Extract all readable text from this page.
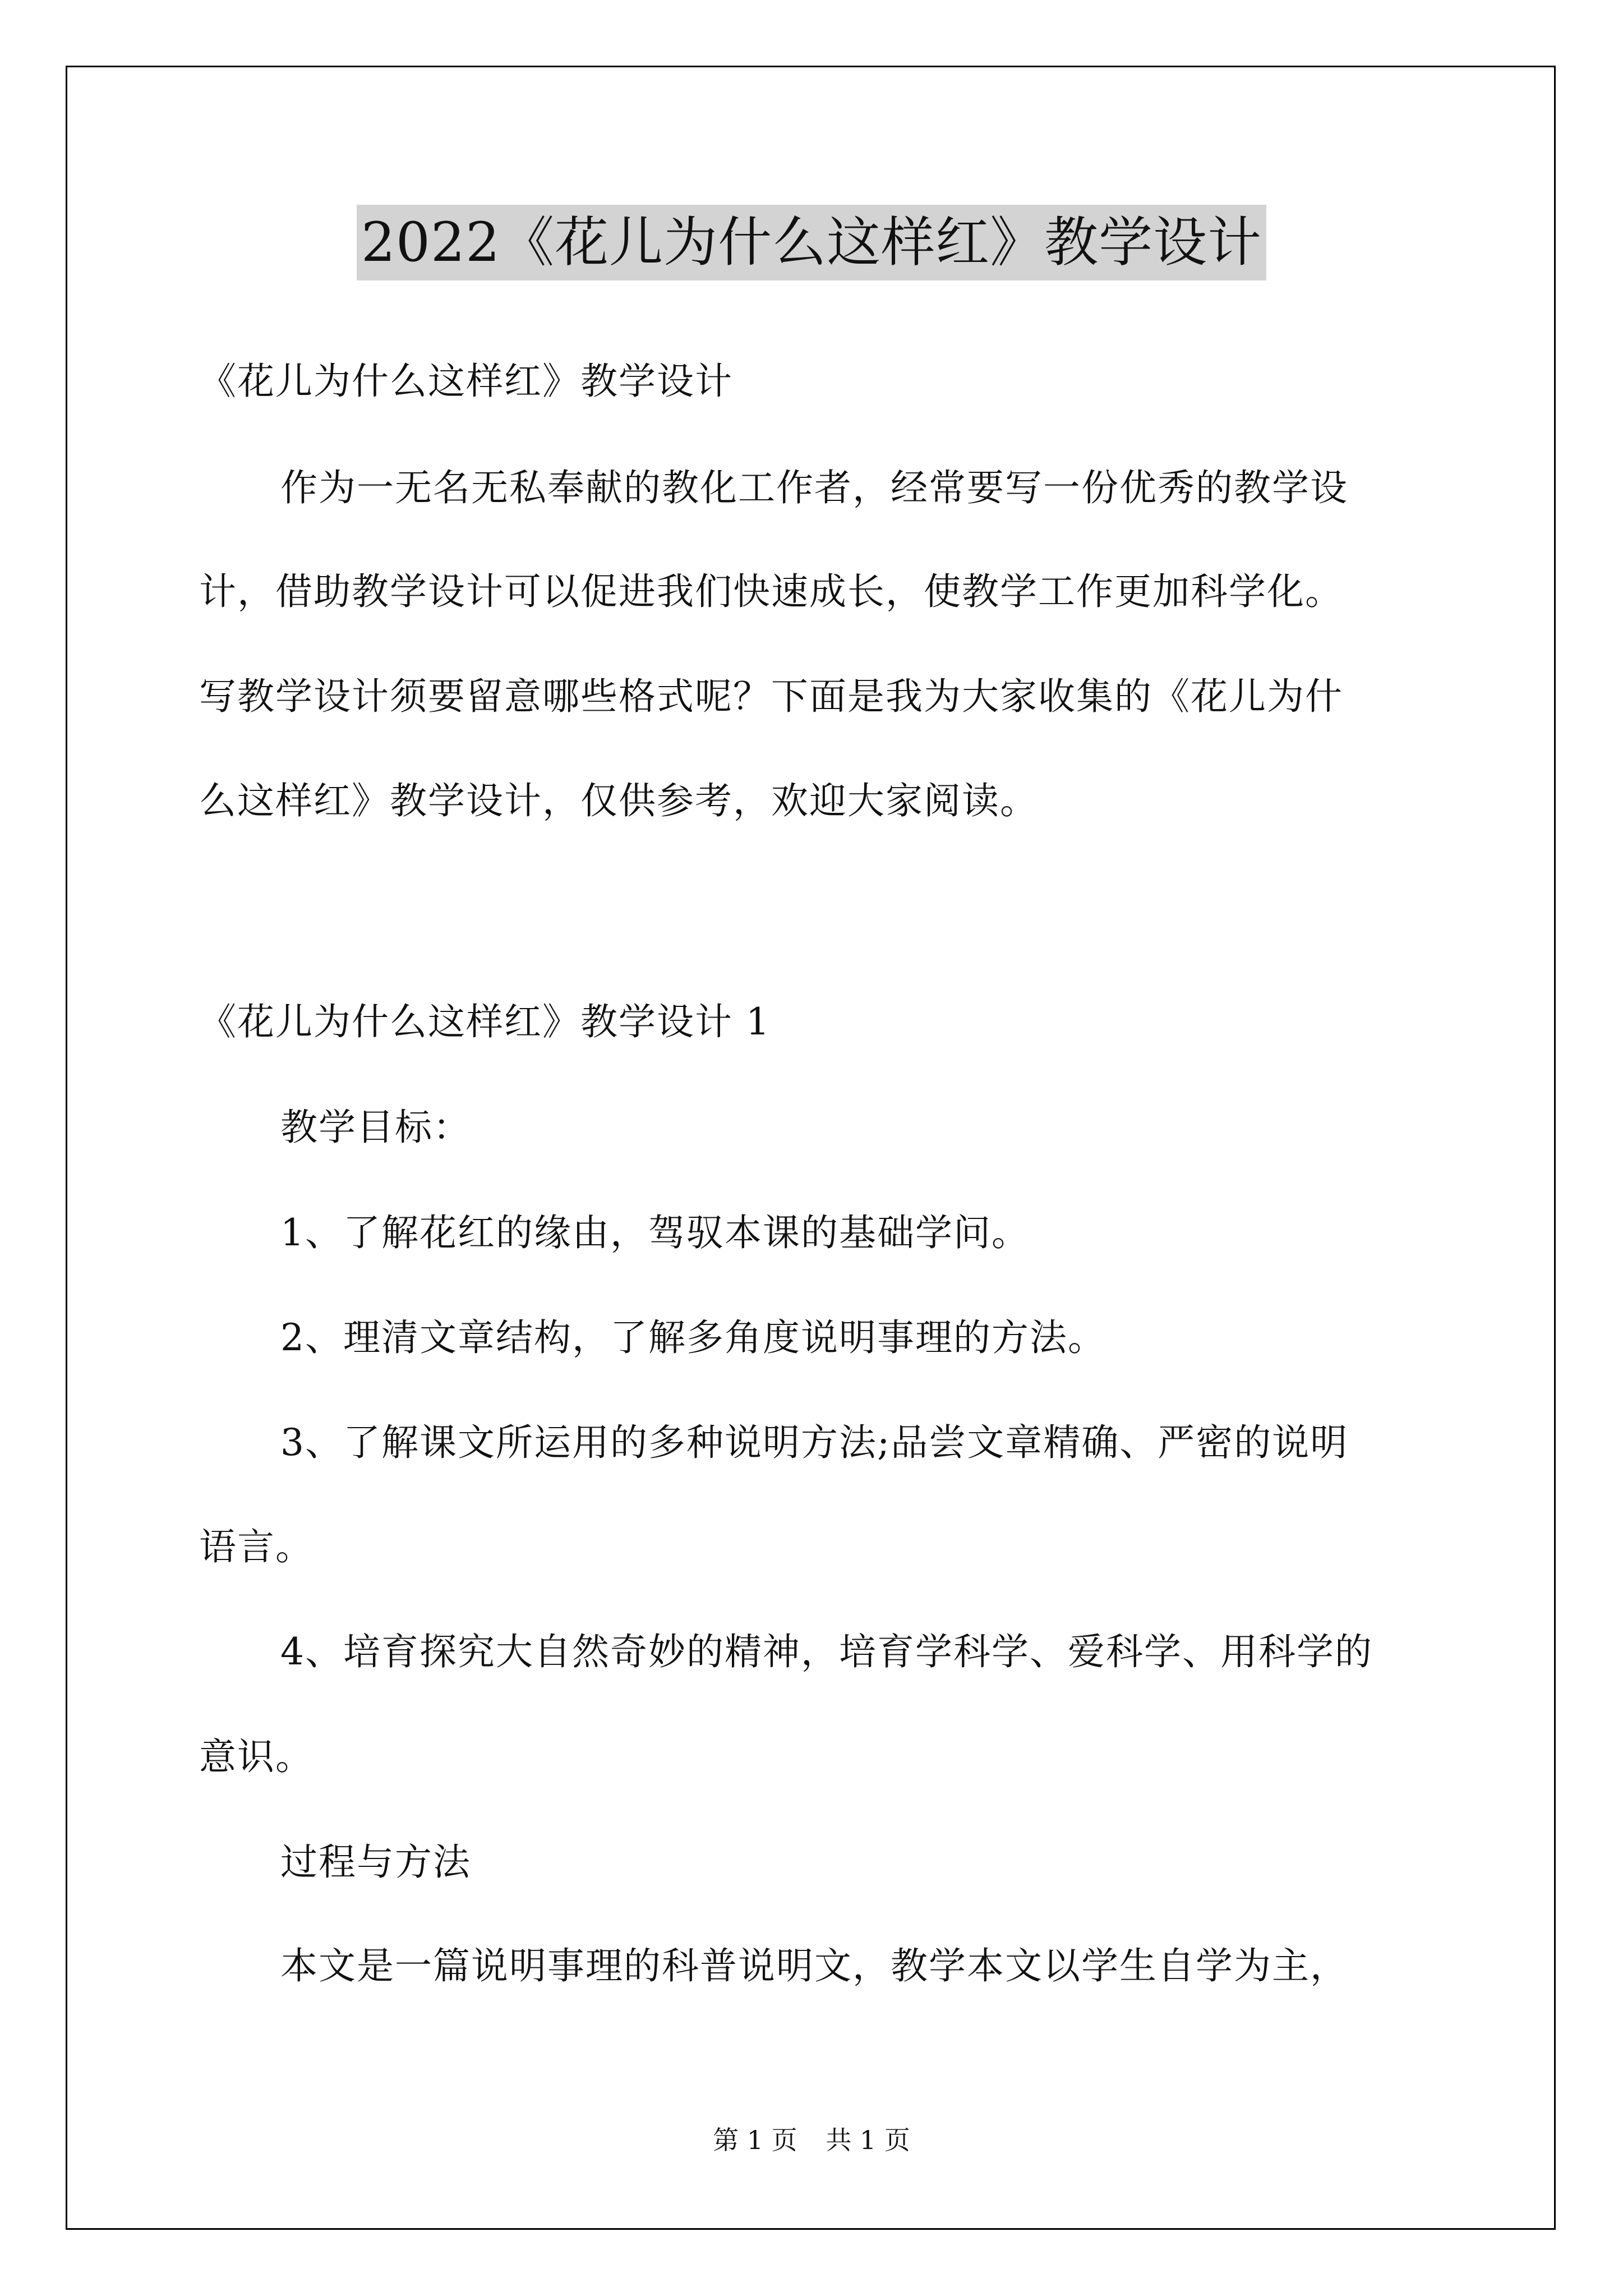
2022《花儿为什么这样红》教学设计
《花儿为什么这样红》教学设计
作为一无名无私奉献的教化工作者，经常要写一份优秀的教学设
计，借助教学设计可以促进我们快速成长，使教学工作更加科学化。
写教学设计须要留意哪些格式呢？下面是我为大家收集的《花儿为什
么这样红》教学设计，仅供参考，欢迎大家阅读。
《花儿为什么这样红》教学设计 1
教学目标：
1、了解花红的缘由，驾驭本课的基础学问。
2、理清文章结构，了解多角度说明事理的方法。
3、了解课文所运用的多种说明方法;品尝文章精确、严密的说明
语言。
4、培育探究大自然奇妙的精神，培育学科学、爱科学、用科学的
意识。
过程与方法
本文是一篇说明事理的科普说明文，教学本文以学生自学为主，
第 1 页 共 1 页
